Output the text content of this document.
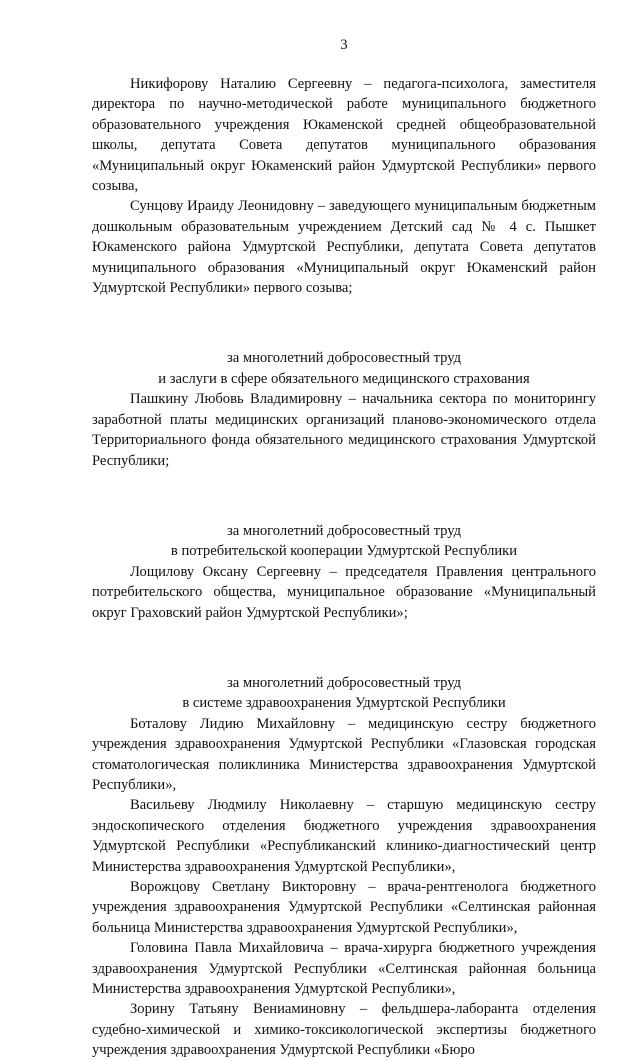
3

Никифорову Наталию Сергеевну – педагога-психолога, заместителя директора по научно-методической работе муниципального бюджетного образовательного учреждения Юкаменской средней общеобразовательной школы, депутата Совета депутатов муниципального образования «Муниципальный округ Юкаменский район Удмуртской Республики» первого созыва,

Сунцову Ираиду Леонидовну – заведующего муниципальным бюджетным дошкольным образовательным учреждением Детский сад № 4 с. Пышкет Юкаменского района Удмуртской Республики, депутата Совета депутатов муниципального образования «Муниципальный округ Юкаменский район Удмуртской Республики» первого созыва;

за многолетний добросовестный труд

и заслуги в сфере обязательного медицинского страхования

Пашкину Любовь Владимировну – начальника сектора по мониторингу заработной платы медицинских организаций планово-экономического отдела Территориального фонда обязательного медицинского страхования Удмуртской Республики;

за многолетний добросовестный труд

в потребительской кооперации Удмуртской Республики

Лощилову Оксану Сергеевну – председателя Правления центрального потребительского общества, муниципальное образование «Муниципальный округ Граховский район Удмуртской Республики»;

за многолетний добросовестный труд

в системе здравоохранения Удмуртской Республики

Боталову Лидию Михайловну – медицинскую сестру бюджетного учреждения здравоохранения Удмуртской Республики «Глазовская городская стоматологическая поликлиника Министерства здравоохранения Удмуртской Республики»,

Васильеву Людмилу Николаевну – старшую медицинскую сестру эндоскопического отделения бюджетного учреждения здравоохранения Удмуртской Республики «Республиканский клинико-диагностический центр Министерства здравоохранения Удмуртской Республики»,

Ворожцову Светлану Викторовну – врача-рентгенолога бюджетного учреждения здравоохранения Удмуртской Республики «Селтинская районная больница Министерства здравоохранения Удмуртской Республики»,

Головина Павла Михайловича – врача-хирурга бюджетного учреждения здравоохранения Удмуртской Республики «Селтинская районная больница Министерства здравоохранения Удмуртской Республики»,

Зорину Татьяну Вениаминовну – фельдшера-лаборанта отделения судебно-химической и химико-токсикологической экспертизы бюджетного учреждения здравоохранения Удмуртской Республики «Бюро
